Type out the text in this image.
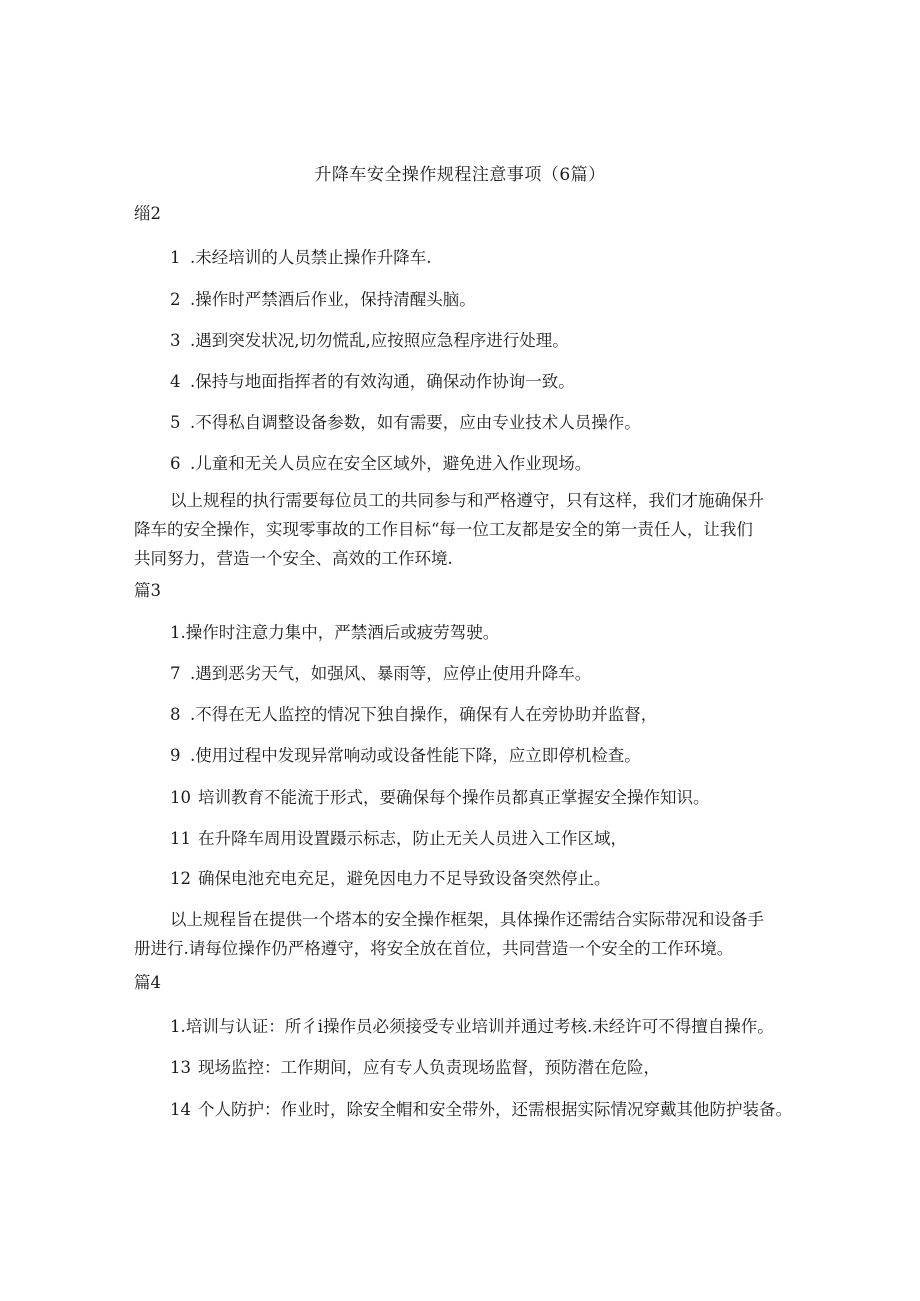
升降车安全操作规程注意事项（6篇）
缁2
1 .未经培训的人员禁止操作升降车.
2 .操作时严禁酒后作业，保持清醒头脑。
3 .遇到突发状况,切勿慌乱,应按照应急程序进行处理。
4 .保持与地面指挥者的有效沟通，确保动作协询一致。
5 .不得私自调整设备参数，如有需要，应由专业技术人员操作。
6 .儿童和无关人员应在安全区域外，避免进入作业现场。
以上规程的执行需要每位员工的共同参与和严格遵守，只有这样，我们才施确保升
降车的安全操作，实现零事故的工作目标“每一位工友都是安全的第一责任人，让我们
共同努力，营造一个安全、高效的工作环境.
篇3
1.操作时注意力集中，严禁酒后或疲劳驾驶。
7 .遇到恶劣天气，如强风、暴雨等，应停止使用升降车。
8 .不得在无人监控的情况下独自操作，确保有人在旁协助并监督，
9 .使用过程中发现异常响动或设备性能下降，应立即停机检查。
10 培训教育不能流于形式，要确保每个操作员都真正掌握安全操作知识。
11 在升降车周用设置蹑示标志，防止无关人员进入工作区域，
12 确保电池充电充足，避免因电力不足导致设备突然停止。
以上规程旨在提供一个塔本的安全操作框架，具体操作还需结合实际带况和设备手
册进行.请每位操作仍严格遵守，将安全放在首位，共同营造一个安全的工作环境。
篇4
1.培训与认证：所彳i操作员必须接受专业培训并通过考核.未经许可不得擅自操作。
13 现场监控：工作期间，应有专人负责现场监督，预防潜在危险，
14 个人防护：作业时，除安全帽和安全带外，还需根据实际情况穿戴其他防护装备。
